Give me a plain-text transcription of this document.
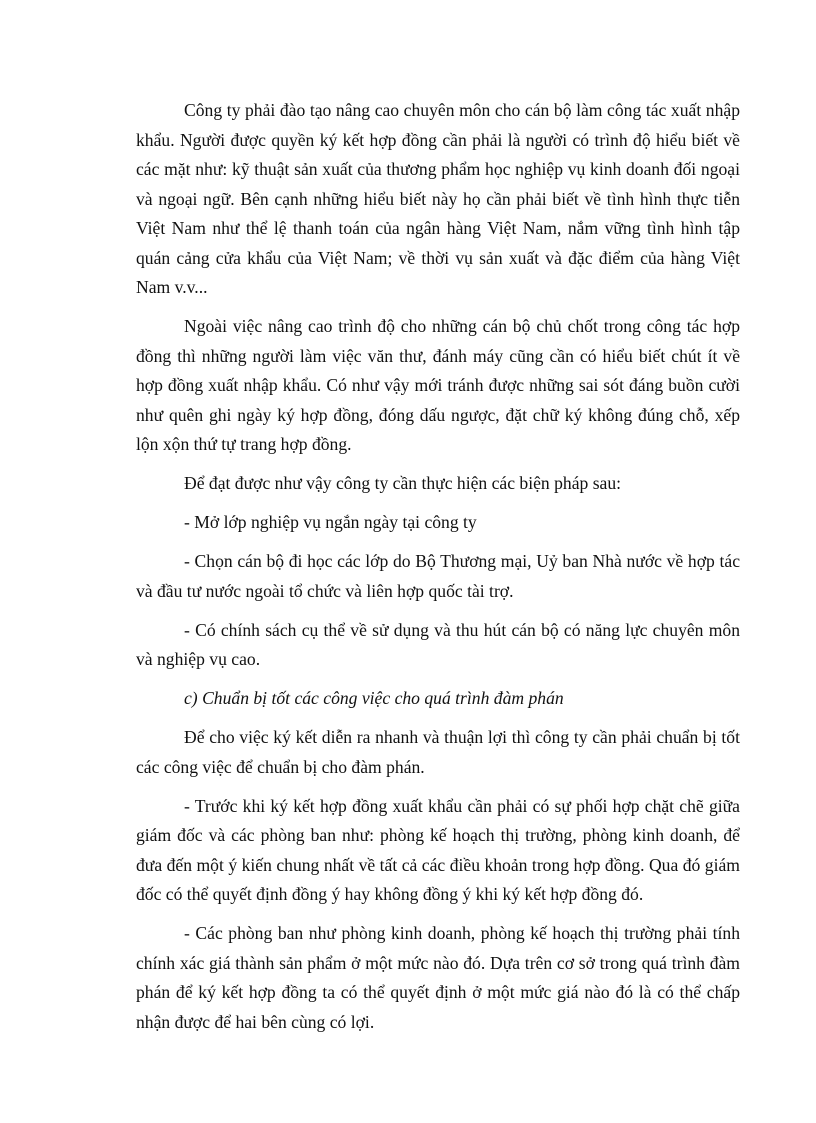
Công ty phải đào tạo nâng cao chuyên môn cho cán bộ làm công tác xuất nhập khẩu. Người được quyền ký kết hợp đồng cần phải là người có trình độ hiểu biết về các mặt như: kỹ thuật sản xuất của thương phẩm học nghiệp vụ kinh doanh đối ngoại và ngoại ngữ. Bên cạnh những hiểu biết này họ cần phải biết về tình hình thực tiễn Việt Nam như thể lệ thanh toán của ngân hàng Việt Nam, nắm vững tình hình tập quán cảng cửa khẩu của Việt Nam; về thời vụ sản xuất và đặc điểm của hàng Việt Nam v.v...

Ngoài việc nâng cao trình độ cho những cán bộ chủ chốt trong công tác hợp đồng thì những người làm việc văn thư, đánh máy cũng cần có hiểu biết chút ít về hợp đồng xuất nhập khẩu. Có như vậy mới tránh được những sai sót đáng buồn cười như quên ghi ngày ký hợp đồng, đóng dấu ngược, đặt chữ ký không đúng chỗ, xếp lộn xộn thứ tự trang hợp đồng.

Để đạt được như vậy công ty cần thực hiện các biện pháp sau:

- Mở lớp nghiệp vụ ngắn ngày tại công ty

- Chọn cán bộ đi học các lớp do Bộ Thương mại, Uỷ ban Nhà nước về hợp tác và đầu tư nước ngoài tổ chức và liên hợp quốc tài trợ.

- Có chính sách cụ thể về sử dụng và thu hút cán bộ có năng lực chuyên môn và nghiệp vụ cao.

c) Chuẩn bị tốt các công việc cho quá trình đàm phán

Để cho việc ký kết diễn ra nhanh và thuận lợi thì công ty cần phải chuẩn bị tốt các công việc để chuẩn bị cho đàm phán.

- Trước khi ký kết hợp đồng xuất khẩu cần phải có sự phối hợp chặt chẽ giữa giám đốc và các phòng ban như: phòng kế hoạch thị trường, phòng kinh doanh, để đưa đến một ý kiến chung nhất về tất cả các điều khoản trong hợp đồng. Qua đó giám đốc có thể quyết định đồng ý hay không đồng ý khi ký kết hợp đồng đó.

- Các phòng ban như phòng kinh doanh, phòng kế hoạch thị trường phải tính chính xác giá thành sản phẩm ở một mức nào đó. Dựa trên cơ sở trong quá trình đàm phán để ký kết hợp đồng ta có thể quyết định ở một mức giá nào đó là có thể chấp nhận được để hai bên cùng có lợi.
